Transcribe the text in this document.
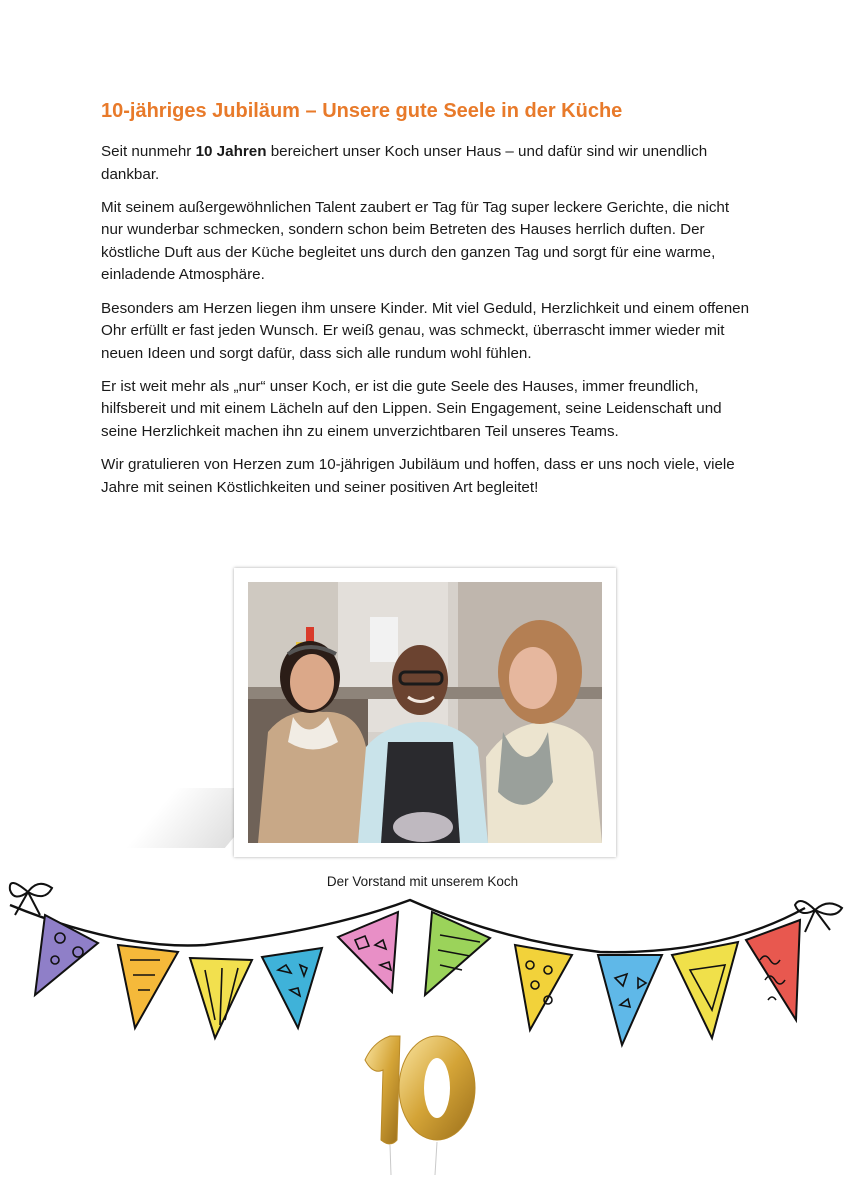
10-jähriges Jubiläum – Unsere gute Seele in der Küche

Seit nunmehr 10 Jahren bereichert unser Koch unser Haus – und dafür sind wir unendlich dankbar.

Mit seinem außergewöhnlichen Talent zaubert er Tag für Tag super leckere Gerichte, die nicht nur wunderbar schmecken, sondern schon beim Betreten des Hauses herrlich duften. Der köstliche Duft aus der Küche begleitet uns durch den ganzen Tag und sorgt für eine warme, einladende Atmosphäre.

Besonders am Herzen liegen ihm unsere Kinder. Mit viel Geduld, Herzlichkeit und einem offenen Ohr erfüllt er fast jeden Wunsch. Er weiß genau, was schmeckt, überrascht immer wieder mit neuen Ideen und sorgt dafür, dass sich alle rundum wohl fühlen.

Er ist weit mehr als „nur“ unser Koch, er ist die gute Seele des Hauses, immer freundlich, hilfsbereit und mit einem Lächeln auf den Lippen. Sein Engagement, seine Leidenschaft und seine Herzlichkeit machen ihn zu einem unverzichtbaren Teil unseres Teams.

Wir gratulieren von Herzen zum 10-jährigen Jubiläum und hoffen, dass er uns noch viele, viele Jahre mit seinen Köstlichkeiten und seiner positiven Art begleitet!

Der Vorstand mit unserem Koch
